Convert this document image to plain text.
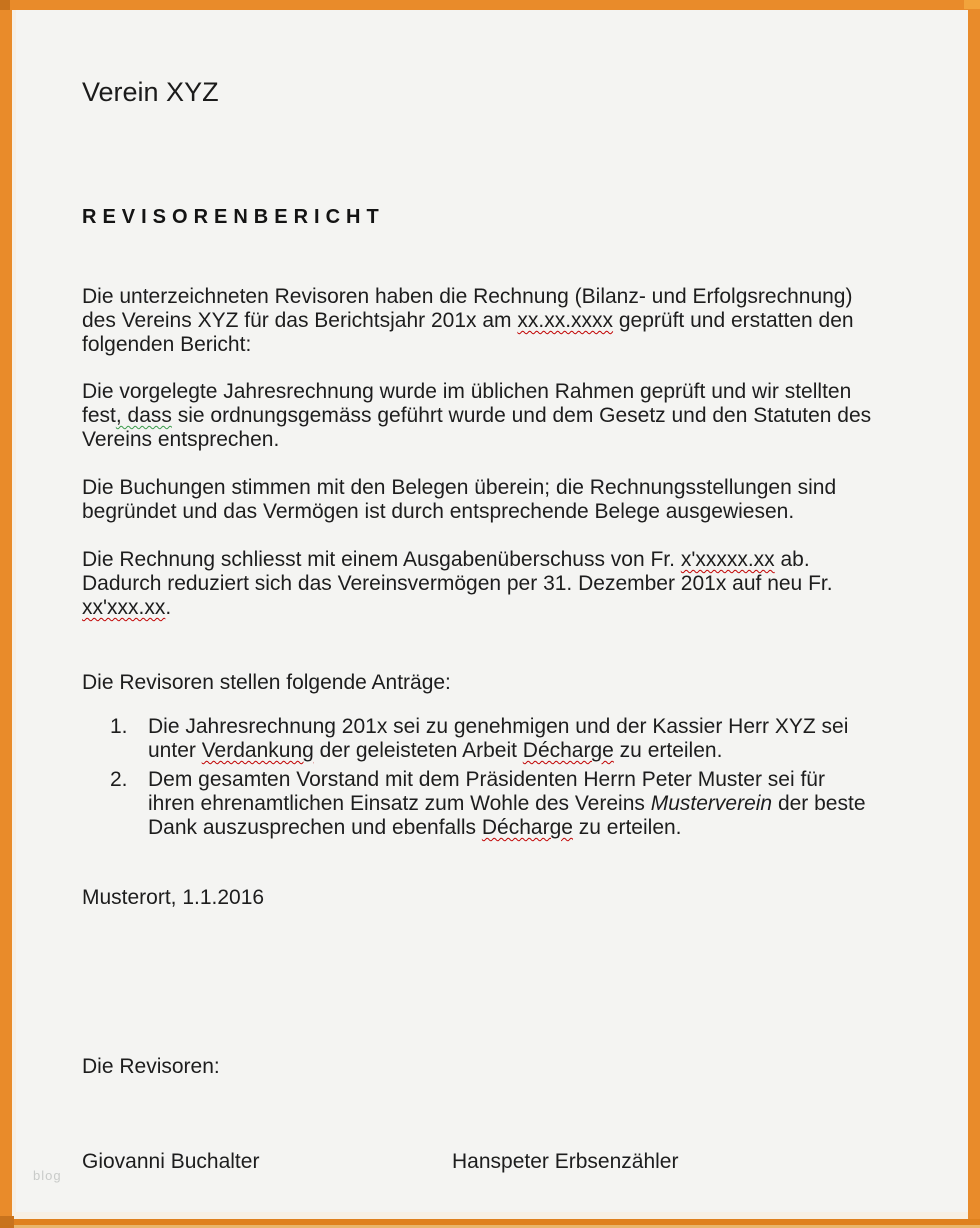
Verein XYZ
REVISORENBERICHT
Die unterzeichneten Revisoren haben die Rechnung (Bilanz- und Erfolgsrechnung)
des Vereins XYZ für das Berichtsjahr 201x am xx.xx.xxxx geprüft und erstatten den
folgenden Bericht:
Die vorgelegte Jahresrechnung wurde im üblichen Rahmen geprüft und wir stellten
fest, dass sie ordnungsgemäss geführt wurde und dem Gesetz und den Statuten des
Vereins entsprechen.
Die Buchungen stimmen mit den Belegen überein; die Rechnungsstellungen sind
begründet und das Vermögen ist durch entsprechende Belege ausgewiesen.
Die Rechnung schliesst mit einem Ausgabenüberschuss von Fr. x'xxxxx.xx ab.
Dadurch reduziert sich das Vereinsvermögen per 31. Dezember 201x auf neu Fr.
xx'xxx.xx.
Die Revisoren stellen folgende Anträge:
1. Die Jahresrechnung 201x sei zu genehmigen und der Kassier Herr XYZ sei
unter Verdankung der geleisteten Arbeit Décharge zu erteilen.
2. Dem gesamten Vorstand mit dem Präsidenten Herrn Peter Muster sei für
ihren ehrenamtlichen Einsatz zum Wohle des Vereins Musterverein der beste
Dank auszusprechen und ebenfalls Décharge zu erteilen.
Musterort, 1.1.2016
Die Revisoren:
Giovanni Buchalter	Hanspeter Erbsenzähler
blog
